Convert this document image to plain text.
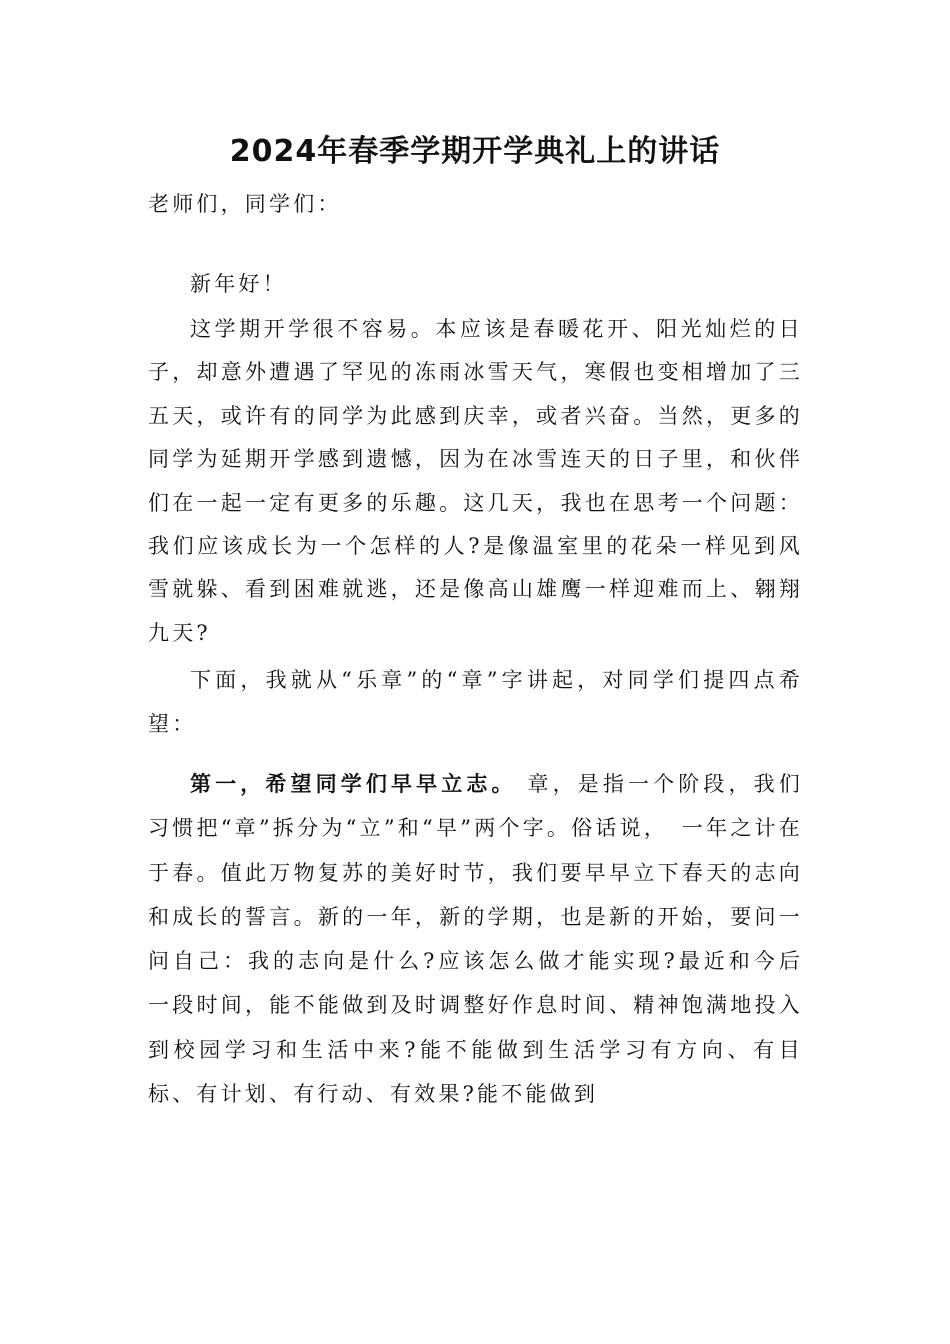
2024年春季学期开学典礼上的讲话
老师们，同学们：
新年好！
这学期开学很不容易。本应该是春暖花开、阳光灿烂的日子，却意外遭遇了罕见的冻雨冰雪天气，寒假也变相增加了三五天，或许有的同学为此感到庆幸，或者兴奋。当然，更多的同学为延期开学感到遗憾，因为在冰雪连天的日子里，和伙伴们在一起一定有更多的乐趣。这几天，我也在思考一个问题：我们应该成长为一个怎样的人?是像温室里的花朵一样见到风雪就躲、看到困难就逃，还是像高山雄鹰一样迎难而上、翱翔九天?
下面，我就从“乐章”的“章”字讲起，对同学们提四点希望：
第一，希望同学们早早立志。 章，是指一个阶段，我们习惯把“章”拆分为“立”和“早”两个字。俗话说，　一年之计在于春。值此万物复苏的美好时节，我们要早早立下春天的志向和成长的誓言。新的一年，新的学期，也是新的开始，要问一问自己：我的志向是什么?应该怎么做才能实现?最近和今后一段时间，能不能做到及时调整好作息时间、精神饱满地投入到校园学习和生活中来?能不能做到生活学习有方向、有目标、有计划、有行动、有效果?能不能做到
